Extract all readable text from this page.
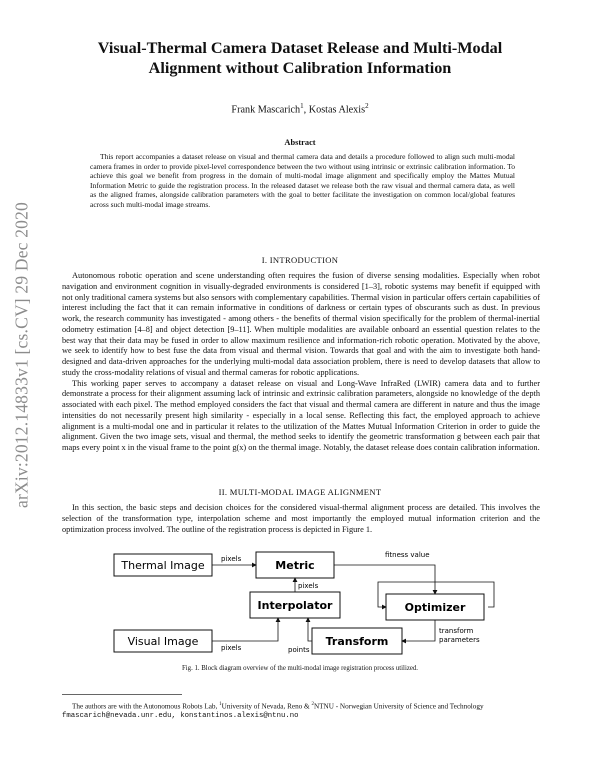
arXiv:2012.14833v1 [cs.CV] 29 Dec 2020
Visual-Thermal Camera Dataset Release and Multi-Modal Alignment without Calibration Information
Frank Mascarich$^1$, Kostas Alexis$^2$
Abstract

This report accompanies a dataset release on visual and thermal camera data and details a procedure followed to align such multi-modal camera frames in order to provide pixel-level correspondence between the two without using intrinsic or extrinsic calibration information. To achieve this goal we benefit from progress in the domain of multi-modal image alignment and specifically employ the Mattes Mutual Information Metric to guide the registration process. In the released dataset we release both the raw visual and thermal camera data, as well as the aligned frames, alongside calibration parameters with the goal to better facilitate the investigation on common local/global features across such multi-modal image streams.

I. INTRODUCTION

Autonomous robotic operation and scene understanding often requires the fusion of diverse sensing modalities. Especially when robot navigation and environment cognition in visually-degraded environments is considered [1–3], robotic systems may benefit if equipped with not only traditional camera systems but also sensors with complementary capabilities. Thermal vision in particular offers certain capabilities of interest including the fact that it can remain informative in conditions of darkness or certain types of obscurants such as dust. In previous work, the research community has investigated - among others - the benefits of thermal vision specifically for the problem of thermal-inertial odometry estimation [4–8] and object detection [9–11]. When multiple modalities are available onboard an essential question relates to the best way that their data may be fused in order to allow maximum resilience and information-rich robotic operation. Motivated by the above, we seek to identify how to best fuse the data from visual and thermal vision. Towards that goal and with the aim to investigate both hand-designed and data-driven approaches for the underlying multi-modal data association problem, there is need to develop datasets that allow to study the cross-modality relations of visual and thermal cameras for robotic applications.

This working paper serves to accompany a dataset release on visual and Long-Wave InfraRed (LWIR) camera data and to further demonstrate a process for their alignment assuming lack of intrinsic and extrinsic calibration parameters, alongside no knowledge of the depth associated with each pixel. The method employed considers the fact that visual and thermal camera are different in nature and thus the image intensities do not necessarily present high similarity - especially in a local sense. Reflecting this fact, the employed approach to achieve alignment is a multi-modal one and in particular it relates to the utilization of the Mattes Mutual Information Criterion in order to guide the alignment. Given the two image sets, visual and thermal, the method seeks to identify the geometric transformation g between each pair that maps every point x in the visual frame to the point g(x) on the thermal image. Notably, the dataset release does contain calibration information.

II. MULTI-MODAL IMAGE ALIGNMENT

In this section, the basic steps and decision choices for the considered visual-thermal alignment process are detailed. This involves the selection of the transformation type, interpolation scheme and most importantly the employed mutual information criterion and the optimization process involved. The outline of the registration process is depicted in Figure 1.

Thermal Image	Metric
Interpolator	Optimizer
Visual Image	Transform
pixels
pixels
fitness value
pixels	points
transform
parameters
Fig. 1. Block diagram overview of the multi-modal image registration process utilized.
The authors are with the Autonomous Robots Lab, $^1$University of Nevada, Reno & $^2$NTNU - Norwegian University of Science and Technology
fmascarich@nevada.unr.edu, konstantinos.alexis@ntnu.no
